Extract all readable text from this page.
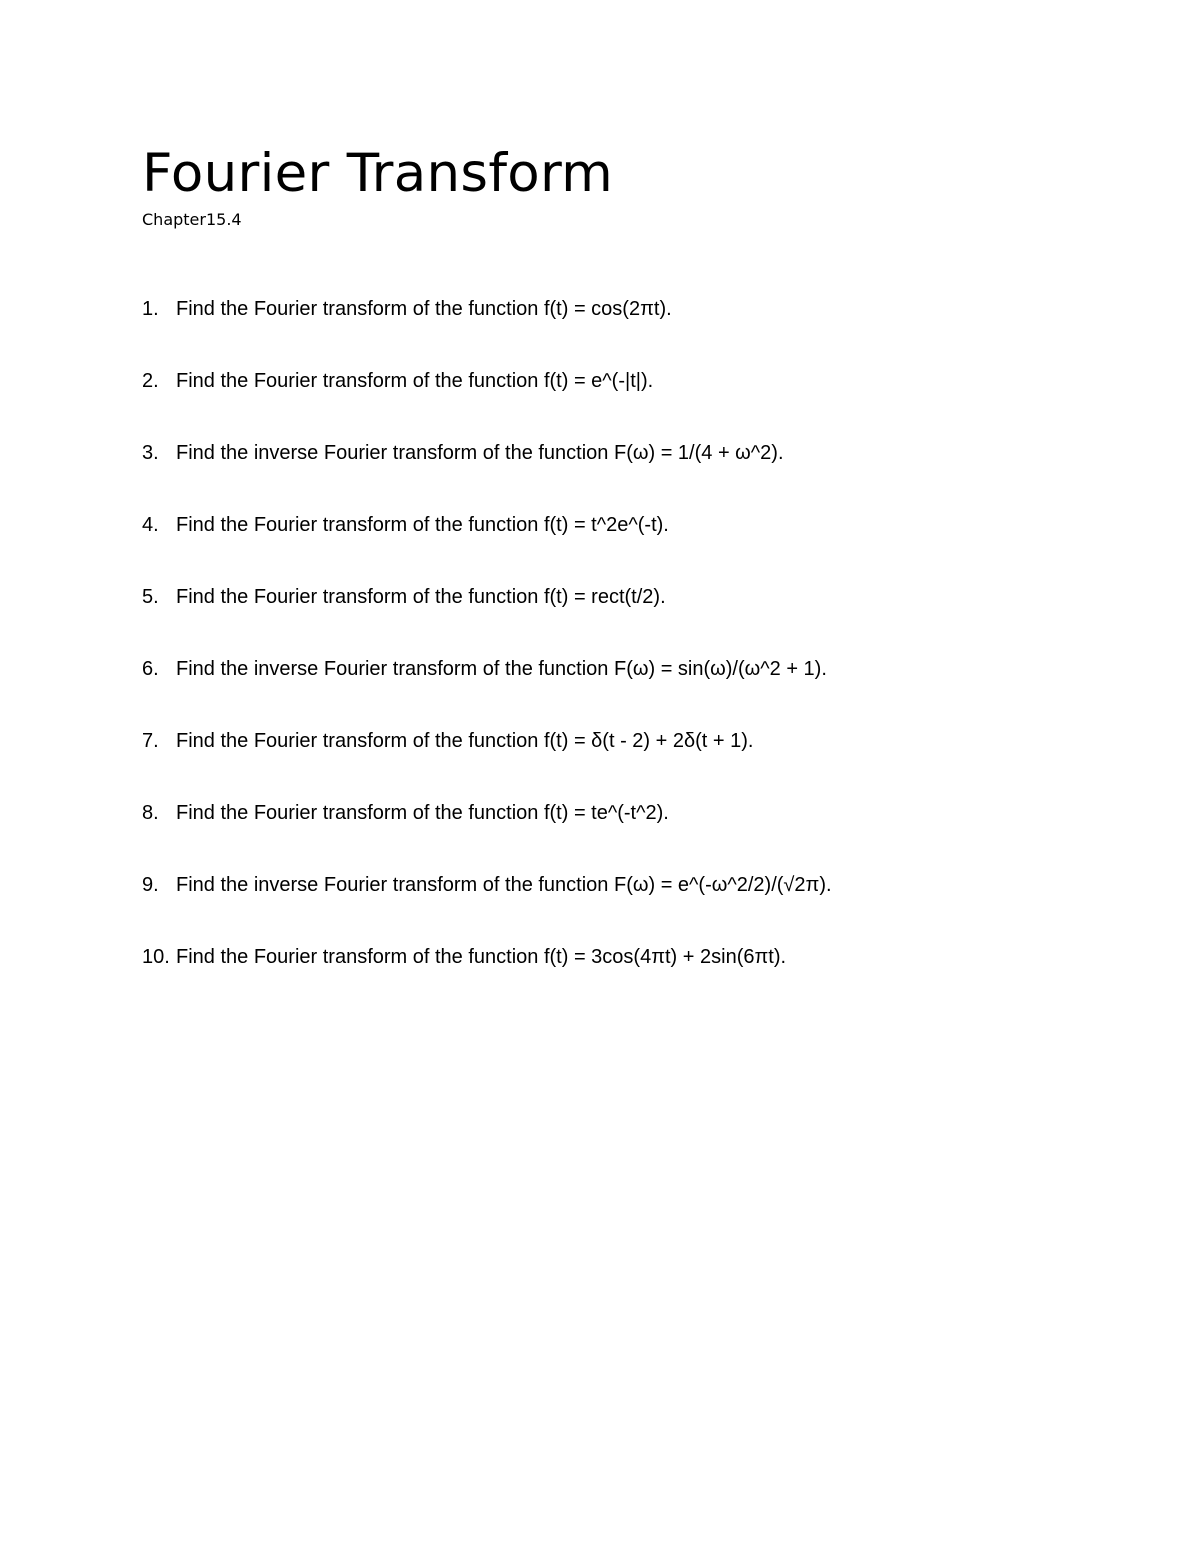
Fourier Transform
Chapter15.4
1. Find the Fourier transform of the function f(t) = cos(2πt).
2. Find the Fourier transform of the function f(t) = e^(-|t|).
3. Find the inverse Fourier transform of the function F(ω) = 1/(4 + ω^2).
4. Find the Fourier transform of the function f(t) = t^2e^(-t).
5. Find the Fourier transform of the function f(t) = rect(t/2).
6. Find the inverse Fourier transform of the function F(ω) = sin(ω)/(ω^2 + 1).
7. Find the Fourier transform of the function f(t) = δ(t - 2) + 2δ(t + 1).
8. Find the Fourier transform of the function f(t) = te^(-t^2).
9. Find the inverse Fourier transform of the function F(ω) = e^(-ω^2/2)/(√2π).
10. Find the Fourier transform of the function f(t) = 3cos(4πt) + 2sin(6πt).
